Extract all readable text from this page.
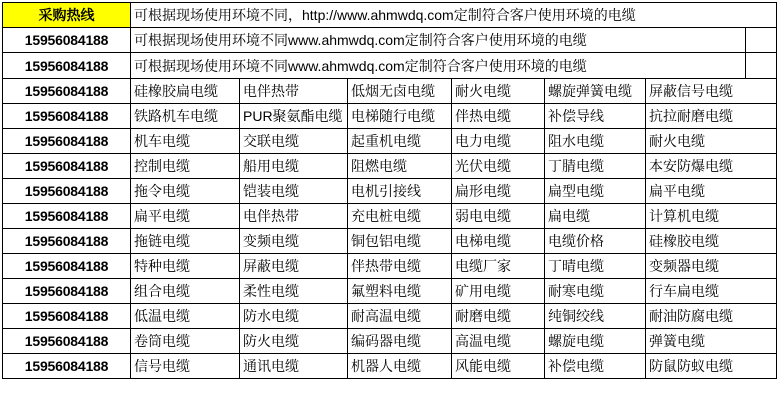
采购热线	可根据现场使用环境不同，http://www.ahmwdq.com定制符合客户使用环境的电缆						
15956084188	可根据现场使用环境不同www.ahmwdq.com定制符合客户使用环境的电缆						
15956084188	可根据现场使用环境不同www.ahmwdq.com定制符合客户使用环境的电缆						
15956084188	硅橡胶扁电缆	电伴热带	低烟无卤电缆	耐火电缆	螺旋弹簧电缆	屏蔽信号电缆	
15956084188	铁路机车电缆	PUR聚氨酯电缆	电梯随行电缆	伴热电缆	补偿导线	抗拉耐磨电缆	
15956084188	机车电缆	交联电缆	起重机电缆	电力电缆	阻水电缆	耐火电缆	
15956084188	控制电缆	船用电缆	阻燃电缆	光伏电缆	丁腈电缆	本安防爆电缆	
15956084188	拖令电缆	铠装电缆	电机引接线	扁形电缆	扁型电缆	扁平电缆	
15956084188	扁平电缆	电伴热带	充电桩电缆	弱电电缆	扁电缆	计算机电缆	
15956084188	拖链电缆	变频电缆	铜包铝电缆	电梯电缆	电缆价格	硅橡胶电缆	
15956084188	特种电缆	屏蔽电缆	伴热带电缆	电缆厂家	丁晴电缆	变频器电缆	
15956084188	组合电缆	柔性电缆	氟塑料电缆	矿用电缆	耐寒电缆	行车扁电缆	
15956084188	低温电缆	防水电缆	耐高温电缆	耐磨电缆	纯铜绞线	耐油防腐电缆	
15956084188	卷筒电缆	防火电缆	编码器电缆	高温电缆	螺旋电缆	弹簧电缆	
15956084188	信号电缆	通讯电缆	机器人电缆	风能电缆	补偿电缆	防鼠防蚁电缆	
